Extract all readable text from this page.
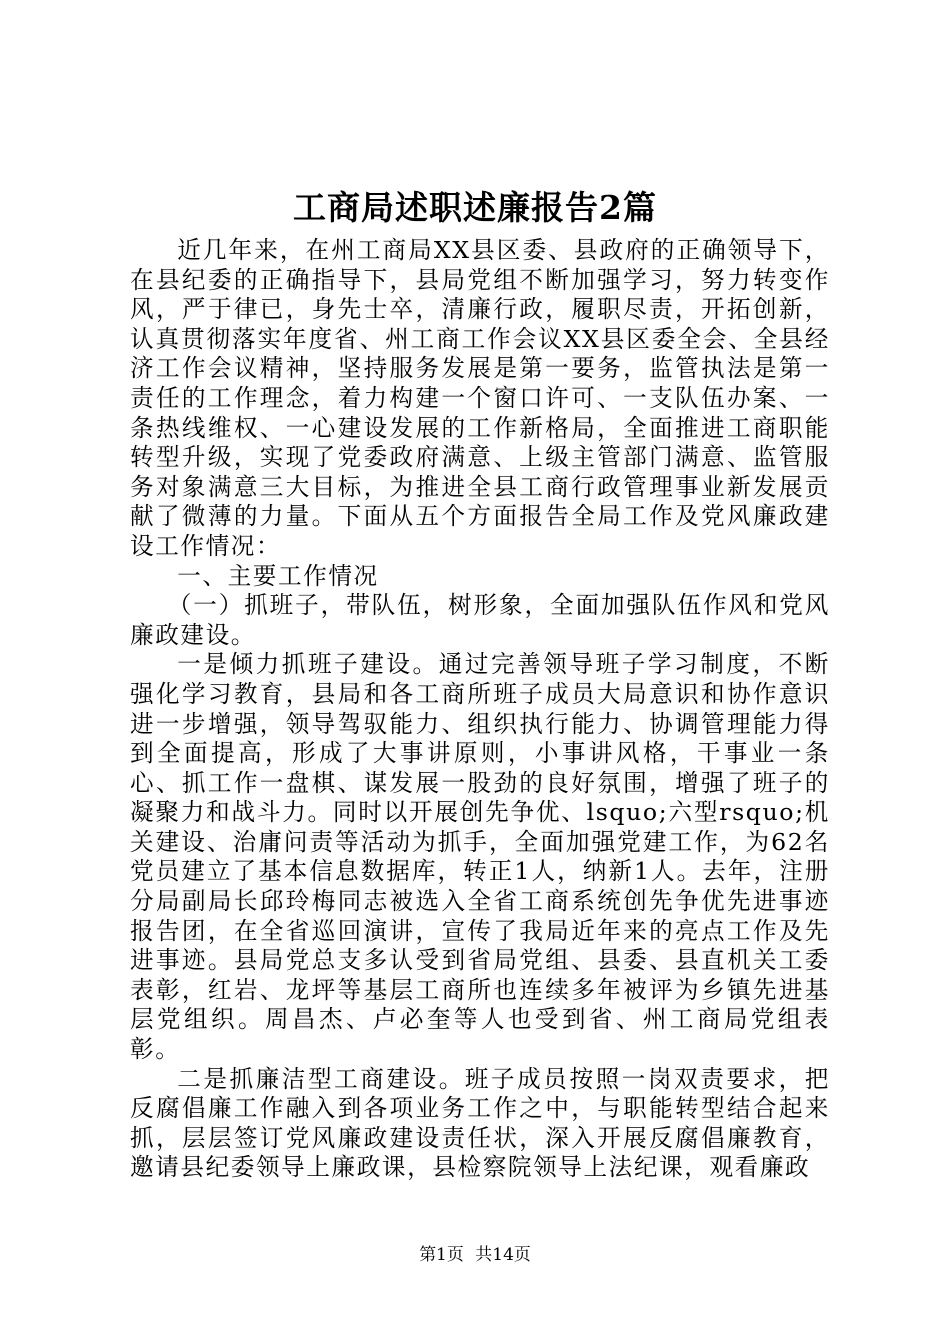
工商局述职述廉报告2篇

近几年来，在州工商局XX县区委、县政府的正确领导下，在县纪委的正确指导下，县局党组不断加强学习，努力转变作风，严于律已，身先士卒，清廉行政，履职尽责，开拓创新，认真贯彻落实年度省、州工商工作会议XX县区委全会、全县经济工作会议精神，坚持服务发展是第一要务，监管执法是第一责任的工作理念，着力构建一个窗口许可、一支队伍办案、一条热线维权、一心建设发展的工作新格局，全面推进工商职能转型升级，实现了党委政府满意、上级主管部门满意、监管服务对象满意三大目标，为推进全县工商行政管理事业新发展贡献了微薄的力量。下面从五个方面报告全局工作及党风廉政建设工作情况：

一、主要工作情况

（一）抓班子，带队伍，树形象，全面加强队伍作风和党风廉政建设。

一是倾力抓班子建设。通过完善领导班子学习制度，不断强化学习教育，县局和各工商所班子成员大局意识和协作意识进一步增强，领导驾驭能力、组织执行能力、协调管理能力得到全面提高，形成了大事讲原则，小事讲风格，干事业一条心、抓工作一盘棋、谋发展一股劲的良好氛围，增强了班子的凝聚力和战斗力。同时以开展创先争优、lsquo;六型rsquo;机关建设、治庸问责等活动为抓手，全面加强党建工作，为62名党员建立了基本信息数据库，转正1人，纳新1人。去年，注册分局副局长邱玲梅同志被选入全省工商系统创先争优先进事迹报告团，在全省巡回演讲，宣传了我局近年来的亮点工作及先进事迹。县局党总支多认受到省局党组、县委、县直机关工委表彰，红岩、龙坪等基层工商所也连续多年被评为乡镇先进基层党组织。周昌杰、卢必奎等人也受到省、州工商局党组表彰。

二是抓廉洁型工商建设。班子成员按照一岗双责要求，把反腐倡廉工作融入到各项业务工作之中，与职能转型结合起来抓，层层签订党风廉政建设责任状，深入开展反腐倡廉教育，邀请县纪委领导上廉政课，县检察院领导上法纪课，观看廉政

第1页 共14页
